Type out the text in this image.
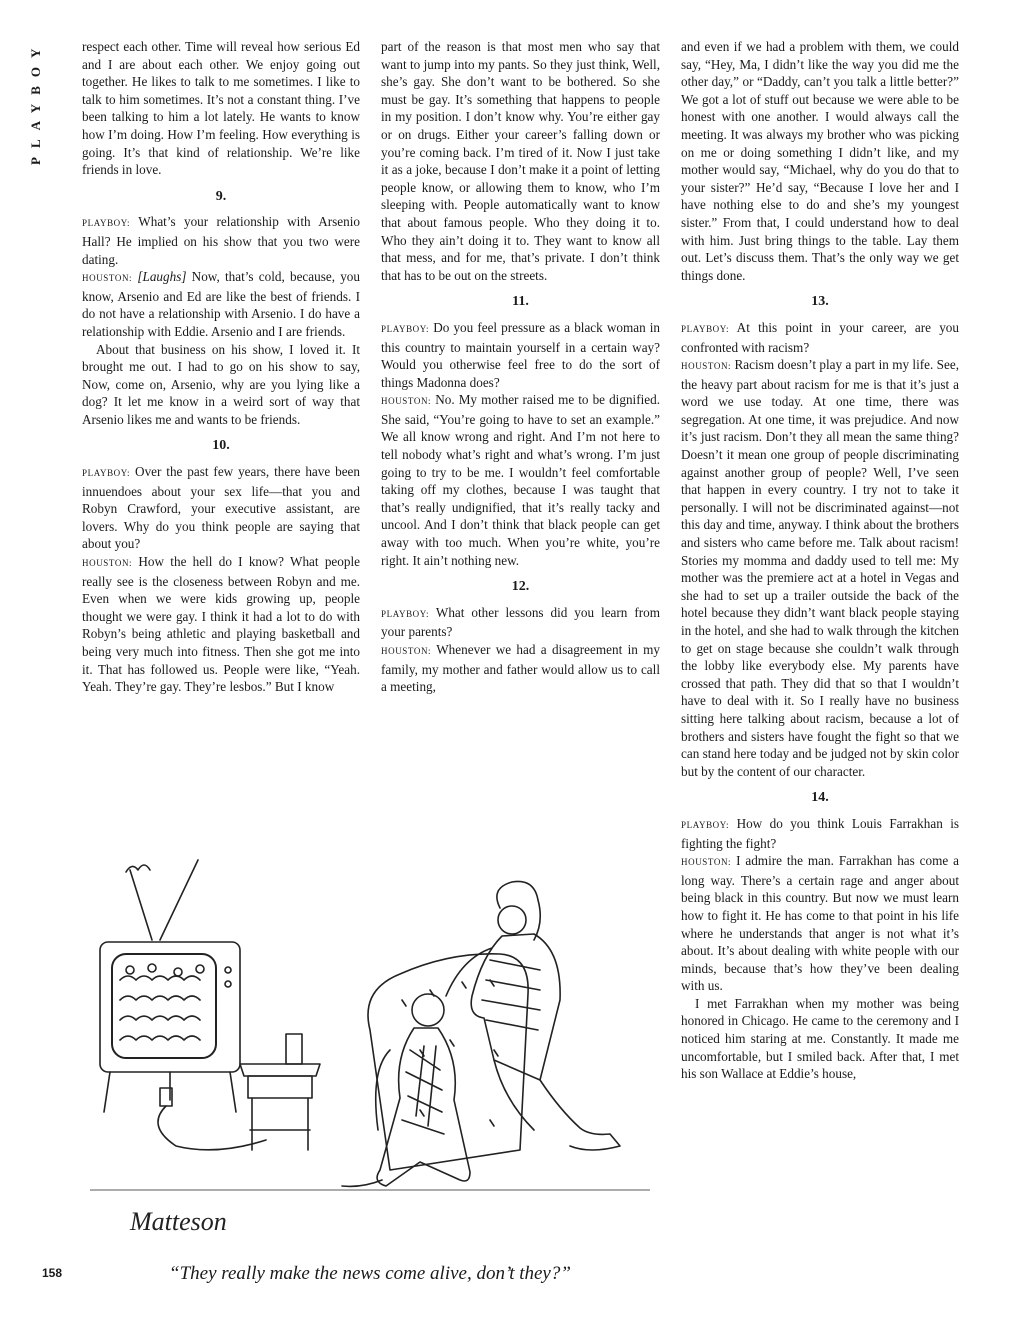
PLAYBOY	respect each other. Time will reveal how serious Ed and I are about each other. We enjoy going out together. He likes to talk to me sometimes. I like to talk to him sometimes. It’s not a constant thing. I’ve been talking to him a lot lately. He wants to know how I’m doing. How I’m feeling. How everything is going. It’s that kind of relationship. We’re like friends in love.

9.

PLAYBOY: What’s your relationship with Arsenio Hall? He implied on his show that you two were dating.

HOUSTON: [Laughs] Now, that’s cold, because, you know, Arsenio and Ed are like the best of friends. I do not have a relationship with Arsenio. I do have a relationship with Eddie. Arsenio and I are friends.

About that business on his show, I loved it. It brought me out. I had to go on his show to say, Now, come on, Arsenio, why are you lying like a dog? It let me know in a weird sort of way that Arsenio likes me and wants to be friends.

10.

PLAYBOY: Over the past few years, there have been innuendoes about your sex life—that you and Robyn Crawford, your executive assistant, are lovers. Why do you think people are saying that about you?

HOUSTON: How the hell do I know? What people really see is the closeness between Robyn and me. Even when we were kids growing up, people thought we were gay. I think it had a lot to do with Robyn’s being athletic and playing basketball and being very much into fitness. Then she got me into it. That has followed us. People were like, “Yeah. Yeah. They’re gay. They’re lesbos.” But I know

part of the reason is that most men who say that want to jump into my pants. So they just think, Well, she’s gay. She don’t want to be bothered. So she must be gay. It’s something that happens to people in my position. I don’t know why. You’re either gay or on drugs. Either your career’s falling down or you’re coming back. I’m tired of it. Now I just take it as a joke, because I don’t make it a point of letting people know, or allowing them to know, who I’m sleeping with. People automatically want to know that about famous people. Who they doing it to. Who they ain’t doing it to. They want to know all that mess, and for me, that’s private. I don’t think that has to be out on the streets.

11.

PLAYBOY: Do you feel pressure as a black woman in this country to maintain yourself in a certain way? Would you otherwise feel free to do the sort of things Madonna does?

HOUSTON: No. My mother raised me to be dignified. She said, “You’re going to have to set an example.” We all know wrong and right. And I’m not here to tell nobody what’s right and what’s wrong. I’m just going to try to be me. I wouldn’t feel comfortable taking off my clothes, because I was taught that that’s really undignified, that it’s really tacky and uncool. And I don’t think that black people can get away with too much. When you’re white, you’re right. It ain’t nothing new.

12.

PLAYBOY: What other lessons did you learn from your parents?

HOUSTON: Whenever we had a disagreement in my family, my mother and father would allow us to call a meeting,

and even if we had a problem with them, we could say, “Hey, Ma, I didn’t like the way you did me the other day,” or “Daddy, can’t you talk a little better?” We got a lot of stuff out because we were able to be honest with one another. I would always call the meeting. It was always my brother who was picking on me or doing something I didn’t like, and my mother would say, “Michael, why do you do that to your sister?” He’d say, “Because I love her and I have nothing else to do and she’s my youngest sister.” From that, I could understand how to deal with him. Just bring things to the table. Lay them out. Let’s discuss them. That’s the only way we get things done.

13.

PLAYBOY: At this point in your career, are you confronted with racism?

HOUSTON: Racism doesn’t play a part in my life. See, the heavy part about racism for me is that it’s just a word we use today. At one time, there was segregation. At one time, it was prejudice. And now it’s just racism. Don’t they all mean the same thing? Doesn’t it mean one group of people discriminating against another group of people? Well, I’ve seen that happen in every country. I try not to take it personally. I will not be discriminated against—not this day and time, anyway. I think about the brothers and sisters who came before me. Talk about racism! Stories my momma and daddy used to tell me: My mother was the premiere act at a hotel in Vegas and she had to set up a trailer outside the back of the hotel because they didn’t want black people staying in the hotel, and she had to walk through the kitchen to get on stage because she couldn’t walk through the lobby like everybody else. My parents have crossed that path. They did that so that I wouldn’t have to deal with it. So I really have no business sitting here talking about racism, because a lot of brothers and sisters have fought the fight so that we can stand here today and be judged not by skin color but by the content of our character.

14.

PLAYBOY: How do you think Louis Farrakhan is fighting the fight?

HOUSTON: I admire the man. Farrakhan has come a long way. There’s a certain rage and anger about being black in this country. But now we must learn how to fight it. He has come to that point in his life where he understands that anger is not what it’s about. It’s about dealing with white people with our minds, because that’s how they’ve been dealing with us.

I met Farrakhan when my mother was being honored in Chicago. He came to the ceremony and I noticed him staring at me. Constantly. It made me uncomfortable, but I smiled back. After that, I met his son Wallace at Eddie’s house,

Matteson
“They really make the news come alive, don’t they?”
158
